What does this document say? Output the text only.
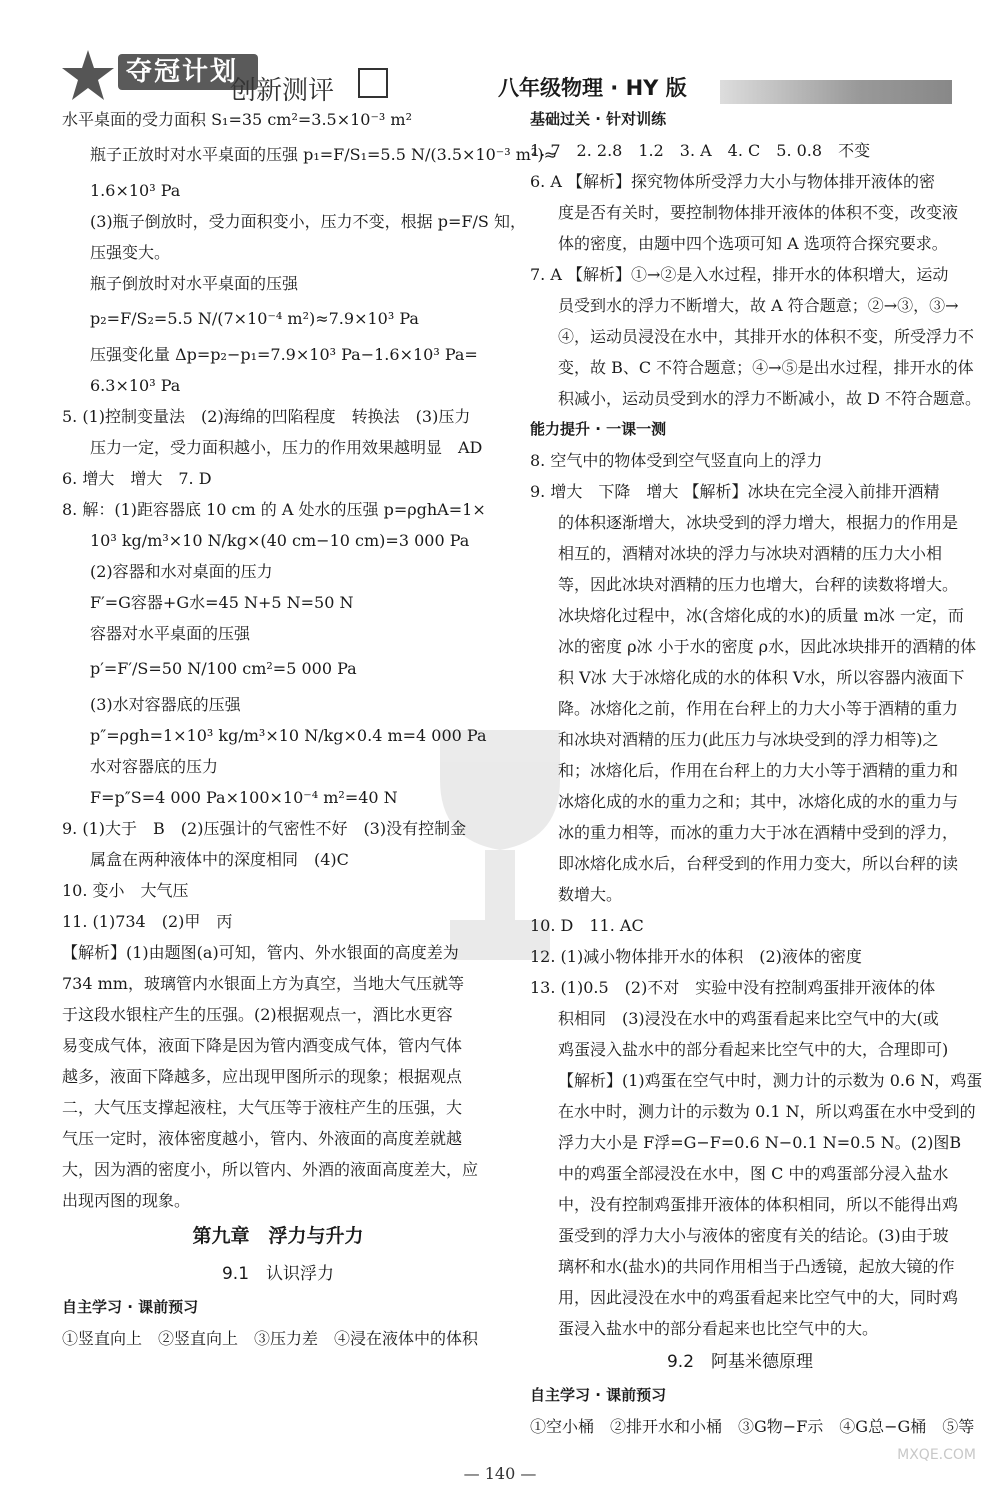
夺冠计划
创新测评	八年级物理 · HY 版
水平桌面的受力面积 S₁=35 cm²=3.5×10⁻³ m²
瓶子正放时对水平桌面的压强 p₁=F/S₁=5.5 N/(3.5×10⁻³ m²)≈
1.6×10³ Pa
(3)瓶子倒放时，受力面积变小，压力不变，根据 p=F/S 知，
压强变大。
瓶子倒放时对水平桌面的压强
p₂=F/S₂=5.5 N/(7×10⁻⁴ m²)≈7.9×10³ Pa
压强变化量 Δp=p₂−p₁=7.9×10³ Pa−1.6×10³ Pa=
6.3×10³ Pa
5. (1)控制变量法　(2)海绵的凹陷程度　转换法　(3)压力
压力一定，受力面积越小，压力的作用效果越明显　AD
6. 增大　增大　7. D
8. 解：(1)距容器底 10 cm 的 A 处水的压强 p=ρghA=1×
10³ kg/m³×10 N/kg×(40 cm−10 cm)=3 000 Pa
(2)容器和水对桌面的压力
F′=G容器+G水=45 N+5 N=50 N
容器对水平桌面的压强
p′=F′/S=50 N/100 cm²=5 000 Pa
(3)水对容器底的压强
p″=ρgh=1×10³ kg/m³×10 N/kg×0.4 m=4 000 Pa
水对容器底的压力
F=p″S=4 000 Pa×100×10⁻⁴ m²=40 N
9. (1)大于　B　(2)压强计的气密性不好　(3)没有控制金
属盒在两种液体中的深度相同　(4)C
10. 变小　大气压
11. (1)734　(2)甲　丙
【解析】(1)由题图(a)可知，管内、外水银面的高度差为
734 mm，玻璃管内水银面上方为真空，当地大气压就等
于这段水银柱产生的压强。(2)根据观点一，酒比水更容
易变成气体，液面下降是因为管内酒变成气体，管内气体
越多，液面下降越多，应出现甲图所示的现象；根据观点
二，大气压支撑起液柱，大气压等于液柱产生的压强，大
气压一定时，液体密度越小，管内、外液面的高度差就越
大，因为酒的密度小，所以管内、外酒的液面高度差大，应
出现丙图的现象。
第九章　浮力与升力
9.1　认识浮力
自主学习 · 课前预习
①竖直向上　②竖直向上　③压力差　④浸在液体中的体积
基础过关 · 针对训练
1. 7　2. 2.8　1.2　3. A　4. C　5. 0.8　不变
6. A 【解析】探究物体所受浮力大小与物体排开液体的密
度是否有关时，要控制物体排开液体的体积不变，改变液
体的密度，由题中四个选项可知 A 选项符合探究要求。
7. A 【解析】①→②是入水过程，排开水的体积增大，运动
员受到水的浮力不断增大，故 A 符合题意；②→③，③→
④，运动员浸没在水中，其排开水的体积不变，所受浮力不
变，故 B、C 不符合题意；④→⑤是出水过程，排开水的体
积减小，运动员受到水的浮力不断减小，故 D 不符合题意。
能力提升 · 一课一测
8. 空气中的物体受到空气竖直向上的浮力
9. 增大　下降　增大 【解析】冰块在完全浸入前排开酒精
的体积逐渐增大，冰块受到的浮力增大，根据力的作用是
相互的，酒精对冰块的浮力与冰块对酒精的压力大小相
等，因此冰块对酒精的压力也增大，台秤的读数将增大。
冰块熔化过程中，冰(含熔化成的水)的质量 m冰 一定，而
冰的密度 ρ冰 小于水的密度 ρ水，因此冰块排开的酒精的体
积 V冰 大于冰熔化成的水的体积 V水，所以容器内液面下
降。冰熔化之前，作用在台秤上的力大小等于酒精的重力
和冰块对酒精的压力(此压力与冰块受到的浮力相等)之
和；冰熔化后，作用在台秤上的力大小等于酒精的重力和
冰熔化成的水的重力之和；其中，冰熔化成的水的重力与
冰的重力相等，而冰的重力大于冰在酒精中受到的浮力，
即冰熔化成水后，台秤受到的作用力变大，所以台秤的读
数增大。
10. D　11. AC
12. (1)减小物体排开水的体积　(2)液体的密度
13. (1)0.5　(2)不对　实验中没有控制鸡蛋排开液体的体
积相同　(3)浸没在水中的鸡蛋看起来比空气中的大(或
鸡蛋浸入盐水中的部分看起来比空气中的大，合理即可)
【解析】(1)鸡蛋在空气中时，测力计的示数为 0.6 N，鸡蛋
在水中时，测力计的示数为 0.1 N，所以鸡蛋在水中受到的
浮力大小是 F浮=G−F=0.6 N−0.1 N=0.5 N。(2)图B
中的鸡蛋全部浸没在水中，图 C 中的鸡蛋部分浸入盐水
中，没有控制鸡蛋排开液体的体积相同，所以不能得出鸡
蛋受到的浮力大小与液体的密度有关的结论。(3)由于玻
璃杯和水(盐水)的共同作用相当于凸透镜，起放大镜的作
用，因此浸没在水中的鸡蛋看起来比空气中的大，同时鸡
蛋浸入盐水中的部分看起来也比空气中的大。
9.2　阿基米德原理
自主学习 · 课前预习
①空小桶　②排开水和小桶　③G物−F示　④G总−G桶　⑤等
— 140 —
MXQE.COM
